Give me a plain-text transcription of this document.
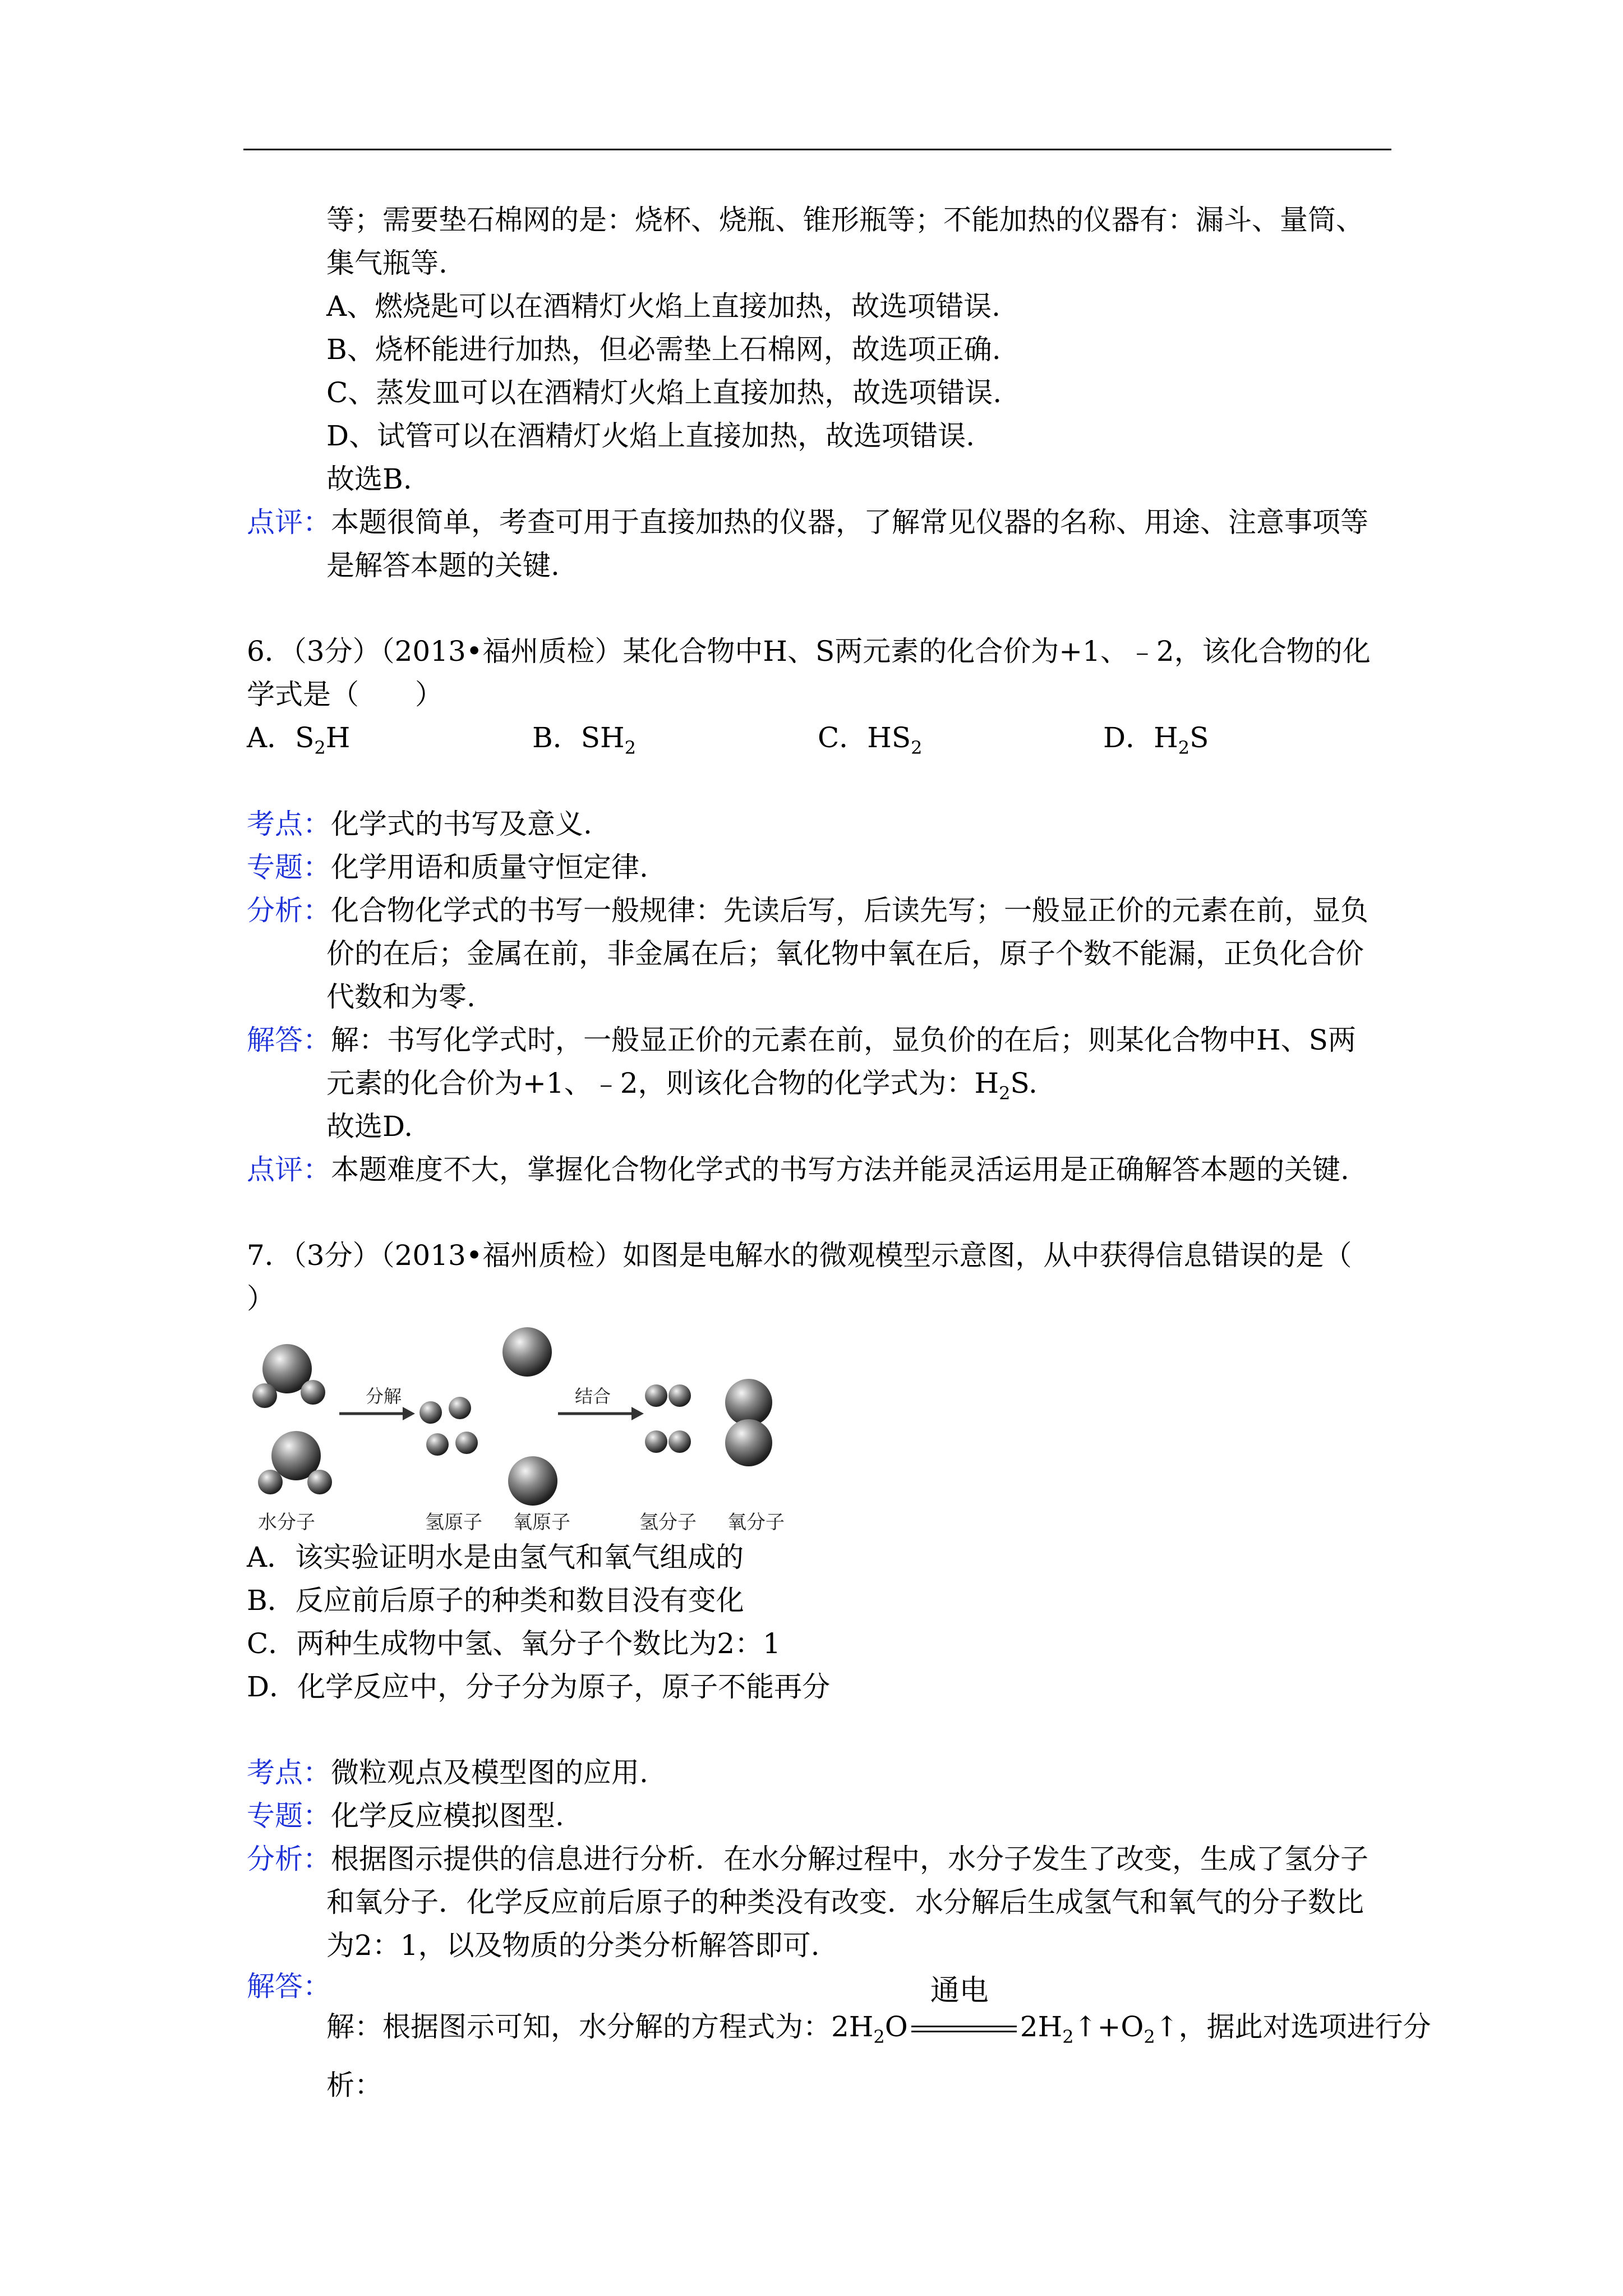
等；需要垫石棉网的是：烧杯、烧瓶、锥形瓶等；不能加热的仪器有：漏斗、量筒、
集气瓶等.
A、燃烧匙可以在酒精灯火焰上直接加热，故选项错误.
B、烧杯能进行加热，但必需垫上石棉网，故选项正确.
C、蒸发皿可以在酒精灯火焰上直接加热，故选项错误.
D、试管可以在酒精灯火焰上直接加热，故选项错误.
故选B.
点评：本题很简单，考查可用于直接加热的仪器，了解常见仪器的名称、用途、注意事项等
是解答本题的关键.
6．（3分）（2013•福州质检）某化合物中H、S两元素的化合价为+1、﹣2，该化合物的化
学式是（　　）
A．$S_2H$	B．$SH_2$	C．$HS_2$	D．$H_2S$
考点：化学式的书写及意义.
专题：化学用语和质量守恒定律.
分析：化合物化学式的书写一般规律：先读后写，后读先写；一般显正价的元素在前，显负
价的在后；金属在前，非金属在后；氧化物中氧在后，原子个数不能漏，正负化合价
代数和为零.
解答：解：书写化学式时，一般显正价的元素在前，显负价的在后；则某化合物中H、S两
元素的化合价为+1、﹣2，则该化合物的化学式为：$H_2S$.
故选D.
点评：本题难度不大，掌握化合物化学式的书写方法并能灵活运用是正确解答本题的关键.
7．（3分）（2013•福州质检）如图是电解水的微观模型示意图，从中获得信息错误的是（
）
分解	结合
水分子	氢原子 氧原子	氢分子 氧分子
A．该实验证明水是由氢气和氧气组成的
B．反应前后原子的种类和数目没有变化
C．两种生成物中氢、氧分子个数比为2：1
D．化学反应中，分子分为原子，原子不能再分
考点：微粒观点及模型图的应用.
专题：化学反应模拟图型.
分析：根据图示提供的信息进行分析．在水分解过程中，水分子发生了改变，生成了氢分子
和氧分子．化学反应前后原子的种类没有改变．水分解后生成氢气和氧气的分子数比
为2：1，以及物质的分类分析解答即可.
解答：
解：根据图示可知，水分解的方程式为：$2H_2O$
通电
$2H_2↑+O_2↑$，据此对选项进行分
析：
